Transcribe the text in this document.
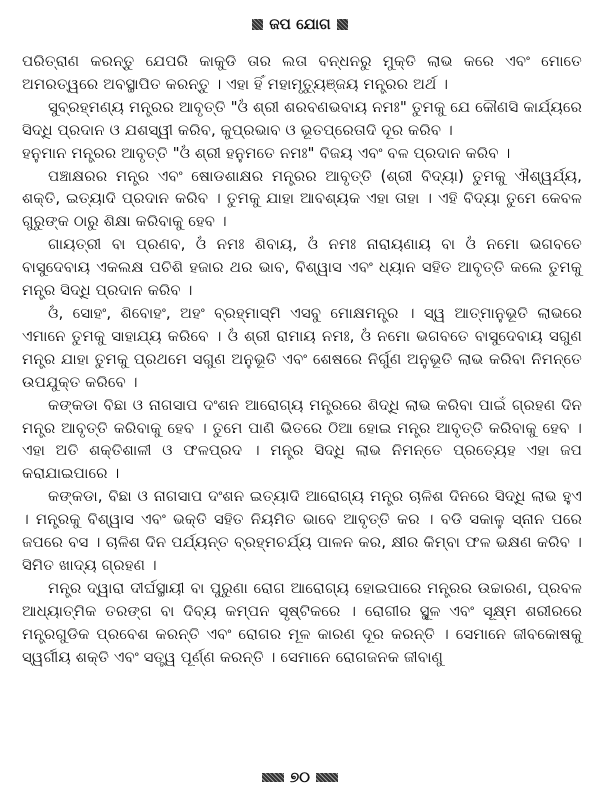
ଜପ ଯୋଗ

ପରିତ୍ରାଣ କରନ୍ତୁ ଯେପରି କାକୁଡି ତାର ଲତା ବନ୍ଧନରୁ ମୁକ୍ତି ଲାଭ କରେ ଏବଂ ମୋତେ ଅମରତ୍ୱରେ ଅବସ୍ଥାପିତ କରନ୍ତୁ । ଏହା ହିଁ ମହାମୃତ୍ୟୁଞ୍ଜୟ ମନ୍ତ୍ରର ଅର୍ଥ ।

ସୁବ୍ରହ୍ମଣ୍ୟ ମନ୍ତ୍ରର ଆବୃତ୍ତି "ଓଁ ଶ୍ରୀ ଶରବଣଭବାୟ ନମଃ" ତୁମକୁ ଯେ କୌଣସି କାର୍ଯ୍ୟରେ ସିଦ୍ଧି ପ୍ରଦାନ ଓ ଯଶସ୍ୱୀ କରିବ, କୁପ୍ରଭାବ ଓ ଭୂତପ୍ରେତାଦି ଦୂର କରିବ ।

ହନୁମାନ ମନ୍ତ୍ରର ଆବୃତ୍ତି "ଓଁ ଶ୍ରୀ ହନୁମତେ ନମଃ" ବିଜୟ ଏବଂ ବଳ ପ୍ରଦାନ କରିବ ।

ପଞ୍ଚାକ୍ଷରର ମନ୍ତ୍ର ଏବଂ ଷୋଡଶାକ୍ଷର ମନ୍ତ୍ରର ଆବୃତ୍ତି (ଶ୍ରୀ ବିଦ୍ୟା) ତୁମକୁ ଐଶ୍ୱର୍ଯ୍ୟ, ଶକ୍ତି, ଇତ୍ୟାଦି ପ୍ରଦାନ କରିବ । ତୁମକୁ ଯାହା ଆବଶ୍ୟକ ଏହା ତାହା । ଏହି ବିଦ୍ୟା ତୁମେ କେବଳ ଗୁରୁଙ୍କ ଠାରୁ ଶିକ୍ଷା କରିବାକୁ ହେବ ।

ଗାୟତ୍ରୀ ବା ପ୍ରଣବ, ଓଁ ନମଃ ଶିବାୟ, ଓଁ ନମଃ ନାରାୟଣାୟ ବା ଓଁ ନମୋ ଭଗବତେ ବାସୁଦେବାୟ ଏକଲକ୍ଷ ପଚିଶି ହଜାର ଥର ଭାବ, ବିଶ୍ୱାସ ଏବଂ ଧ୍ୟାନ ସହିତ ଆବୃତ୍ତି କଲେ ତୁମକୁ ମନ୍ତ୍ର ସିଦ୍ଧି ପ୍ରଦାନ କରିବ ।

ଓଁ, ସୋହଂ, ଶିବୋହଂ, ଅହଂ ବ୍ରହ୍ମାସ୍ମି ଏସବୁ ମୋକ୍ଷମନ୍ତ୍ର । ସ୍ୱ ଆତ୍ମାନୁଭୂତି ଲାଭରେ ଏମାନେ ତୁମକୁ ସାହାଯ୍ୟ କରିବେ । ଓଁ ଶ୍ରୀ ରାମାୟ ନମଃ, ଓଁ ନମୋ ଭଗବତେ ବାସୁଦେବାୟ ସଗୁଣ ମନ୍ତ୍ର ଯାହା ତୁମକୁ ପ୍ରଥମେ ସଗୁଣ ଅନୁଭୂତି ଏବଂ ଶେଷରେ ନିର୍ଗୁଣ ଅନୁଭୂତି ଲାଭ କରିବା ନିମନ୍ତେ ଉପଯୁକ୍ତ କରିବେ ।

କଙ୍କଡା ବିଛା ଓ ନାଗସାପ ଦଂଶନ ଆରୋଗ୍ୟ ମନ୍ତ୍ରରେ ଶିଦ୍ଧି ଲାଭ କରିବା ପାଇଁ ଗ୍ରହଣ ଦିନ ମନ୍ତ୍ର ଆବୃତ୍ତି କରିବାକୁ ହେବ । ତୁମେ ପାଣି ଭିତରେ ଠିଆ ହୋଇ ମନ୍ତ୍ର ଆବୃତ୍ତି କରିବାକୁ ହେବ । ଏହା ଅତି ଶକ୍ତିଶାଳୀ ଓ ଫଳପ୍ରଦ । ମନ୍ତ୍ର ସିଦ୍ଧି ଲାଭ ନିମନ୍ତେ ପ୍ରତ୍ୟେହ ଏହା ଜପ କରାଯାଇପାରେ ।

କଙ୍କଡା, ବିଛା ଓ ନାଗସାପ ଦଂଶନ ଇତ୍ୟାଦି ଆରୋଗ୍ୟ ମନ୍ତ୍ର ଚାଳିଶ ଦିନରେ ସିଦ୍ଧି ଲାଭ ହୁଏ । ମନ୍ତ୍ରକୁ ବିଶ୍ୱାସ ଏବଂ ଭକ୍ତି ସହିତ ନିୟମିତ ଭାବେ ଆବୃତ୍ତି କର । ବଡି ସକାଳୁ ସ୍ନାନ ପରେ ଜପରେ ବସ । ଚାଳିଶ ଦିନ ପର୍ଯ୍ୟନ୍ତ ବ୍ରହ୍ମଚର୍ଯ୍ୟ ପାଳନ କର, କ୍ଷୀର କିମ୍ବା ଫଳ ଭକ୍ଷଣ କରିବ । ସିମିତ ଖାଦ୍ୟ ଗ୍ରହଣ ।

ମନ୍ତ୍ର ଦ୍ୱାରା ଦୀର୍ଘସ୍ଥାୟୀ ବା ପୁରୁଣା ରୋଗ ଆରୋଗ୍ୟ ହୋଇପାରେ ମନ୍ତ୍ରର ଉଚ୍ଚାରଣ, ପ୍ରବଳ ଆଧ୍ୟାତ୍ମିକ ତରଙ୍ଗ ବା ଦିବ୍ୟ କମ୍ପନ ସୃଷ୍ଟିକରେ । ରୋଗୀର ସ୍ଥୂଳ ଏବଂ ସୂକ୍ଷ୍ମ ଶରୀରରେ ମନ୍ତ୍ରଗୁଡିକ ପ୍ରବେଶ କରନ୍ତି ଏବଂ ରୋଗର ମୂଳ କାରଣ ଦୂର କରନ୍ତି । ସେମାନେ ଜୀବକୋଷକୁ ସ୍ୱର୍ଗୀୟ ଶକ୍ତି ଏବଂ ସତ୍ତ୍ୱ ପୂର୍ଣ୍ଣ କରନ୍ତି । ସେମାନେ ରୋଗଜନକ ଜୀବାଣୁ

୭୦
